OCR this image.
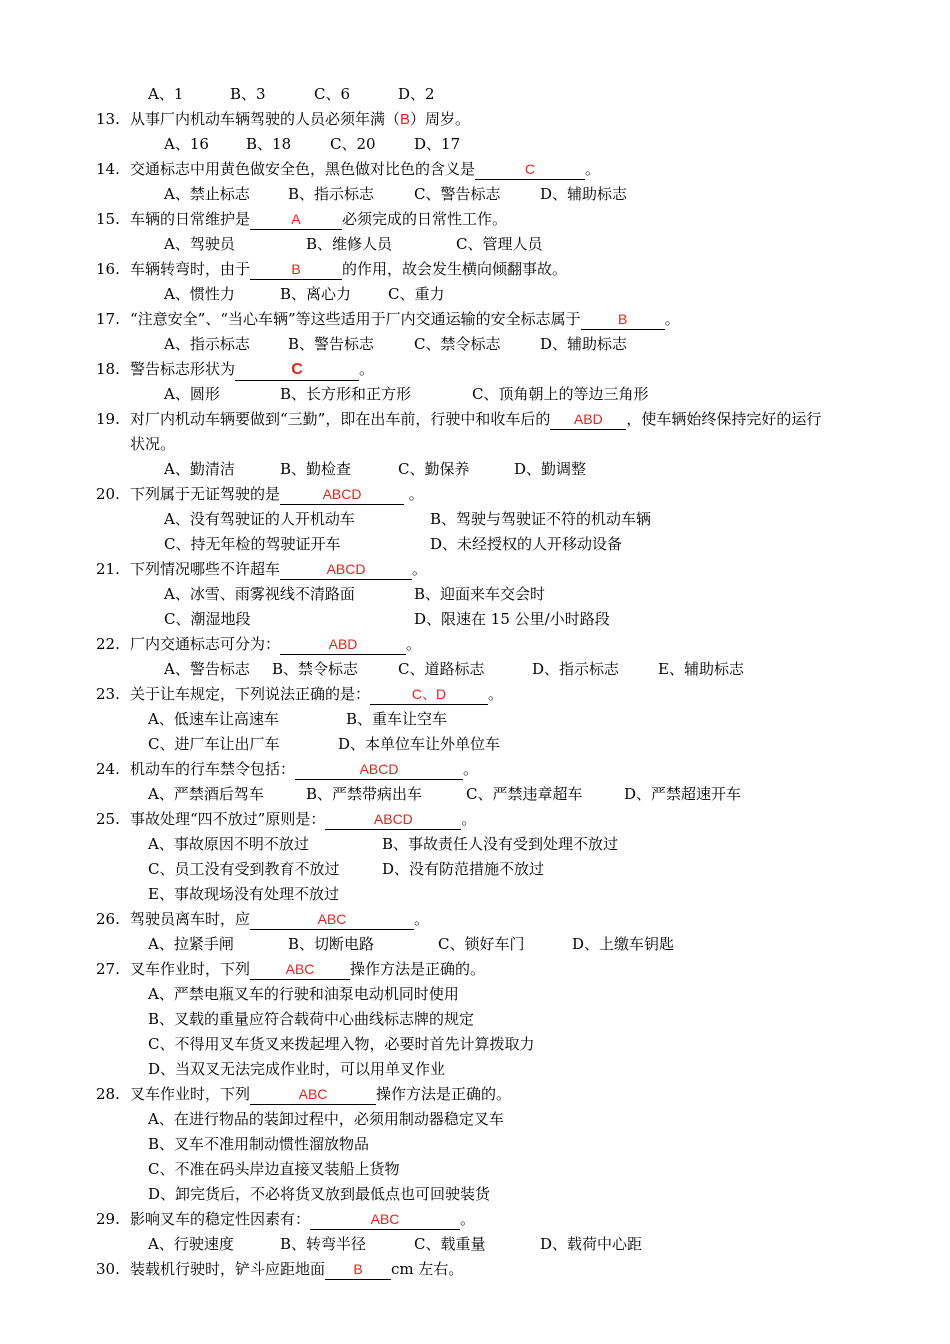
A、1	B、3	C、6	D、2
13. 从事厂内机动车辆驾驶的人员必须年满（B）周岁。
A、16 B、18	C、20	D、17
14. 交通标志中用黄色做安全色，黑色做对比色的含义是	C	。
A、禁止标志	B、指示标志	C、警告标志	D、辅助标志
15. 车辆的日常维护是	A	必须完成的日常性工作。
A、驾驶员	B、维修人员	C、管理人员
16. 车辆转弯时，由于	B	的作用，故会发生横向倾翻事故。
A、惯性力	B、离心力 C、重力
17. “注意安全”、“当心车辆”等这些适用于厂内交通运输的安全标志属于	B 。
A、指示标志	B、警告标志	C、禁令标志	D、辅助标志
18. 警告标志形状为	C	。
A、圆形	B、长方形和正方形	C、顶角朝上的等边三角形
19. 对厂内机动车辆要做到“三勤”，即在出车前，行驶中和收车后的 ABD ，使车辆始终保持完好的运行
状况。
A、勤清洁	B、勤检查	C、勤保养	D、勤调整
20. 下列属于无证驾驶的是	ABCD	。
A、没有驾驶证的人开机动车	B、驾驶与驾驶证不符的机动车辆
C、持无年检的驾驶证开车	D、未经授权的人开移动设备
21. 下列情况哪些不许超车	ABCD	。
A、冰雪、雨雾视线不清路面	B、迎面来车交会时
C、潮湿地段	D、限速在 15 公里/小时路段
22. 厂内交通标志可分为：	ABD	。
A、警告标志 B、禁令标志	C、道路标志	D、指示标志	E、辅助标志
23. 关于让车规定，下列说法正确的是：	C、D	。
A、低速车让高速车	B、重车让空车
C、进厂车让出厂车	D、本单位车让外单位车
24. 机动车的行车禁令包括：	ABCD	。
A、严禁酒后驾车	B、严禁带病出车	C、严禁违章超车	D、严禁超速开车
25. 事故处理“四不放过”原则是：	ABCD	。
A、事故原因不明不放过	B、事故责任人没有受到处理不放过
C、员工没有受到教育不放过	D、没有防范措施不放过
E、事故现场没有处理不放过
26. 驾驶员离车时，应	ABC	。
A、拉紧手闸	B、切断电路	C、锁好车门	D、上缴车钥匙
27. 叉车作业时，下列	ABC 操作方法是正确的。
A、严禁电瓶叉车的行驶和油泵电动机同时使用
B、叉载的重量应符合载荷中心曲线标志牌的规定
C、不得用叉车货叉来拨起埋入物，必要时首先计算拨取力
D、当双叉无法完成作业时，可以用单叉作业
28. 叉车作业时，下列	ABC	操作方法是正确的。
A、在进行物品的装卸过程中，必须用制动器稳定叉车
B、叉车不准用制动惯性溜放物品
C、不准在码头岸边直接叉装船上货物
D、卸完货后，不必将货叉放到最低点也可回驶装货
29. 影响叉车的稳定性因素有：	ABC	。
A、行驶速度	B、转弯半径	C、载重量	D、载荷中心距
30. 装载机行驶时，铲斗应距地面 B cm 左右。
